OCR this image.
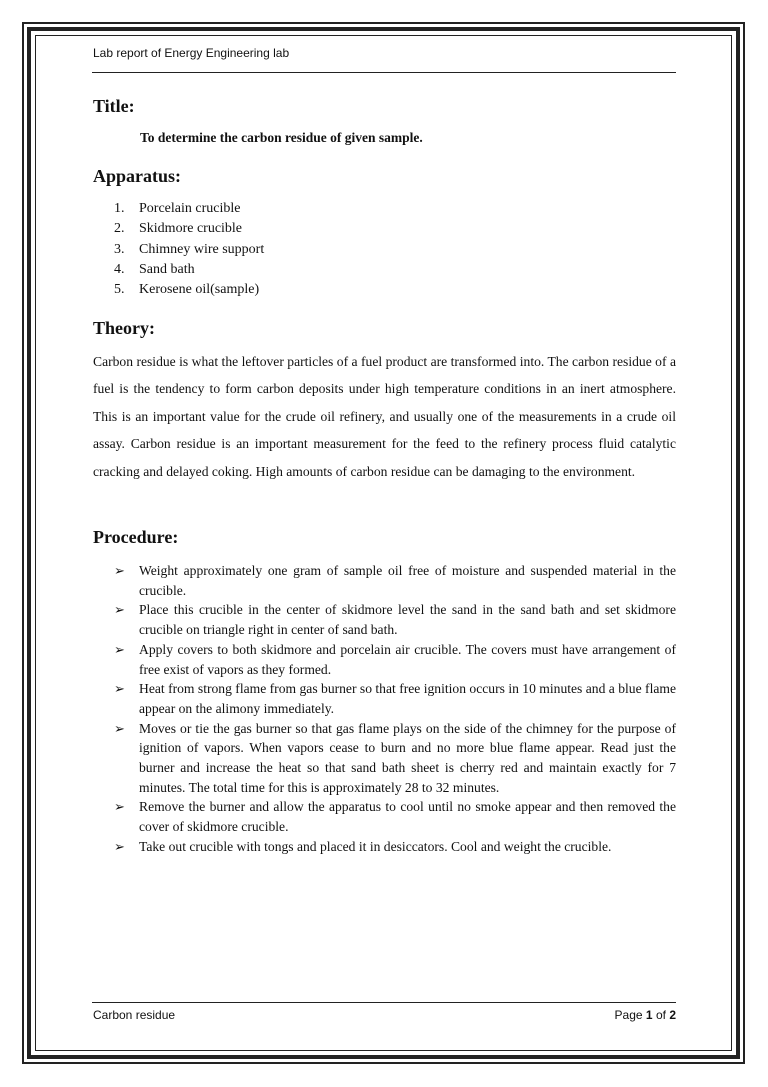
Lab report of Energy Engineering lab
Title:
To determine the carbon residue of given sample.
Apparatus:
1. Porcelain crucible
2. Skidmore crucible
3. Chimney wire support
4. Sand bath
5. Kerosene oil(sample)
Theory:

Carbon residue is what the leftover particles of a fuel product are transformed into. The carbon residue of a fuel is the tendency to form carbon deposits under high temperature conditions in an inert atmosphere. This is an important value for the crude oil refinery, and usually one of the measurements in a crude oil assay. Carbon residue is an important measurement for the feed to the refinery process fluid catalytic cracking and delayed coking. High amounts of carbon residue can be damaging to the environment.

Procedure:
➢ Weight approximately one gram of sample oil free of moisture and suspended material in the crucible.
➢ Place this crucible in the center of skidmore level the sand in the sand bath and set skidmore crucible on triangle right in center of sand bath.
➢ Apply covers to both skidmore and porcelain air crucible. The covers must have arrangement of free exist of vapors as they formed.
➢ Heat from strong flame from gas burner so that free ignition occurs in 10 minutes and a blue flame appear on the alimony immediately.
➢ Moves or tie the gas burner so that gas flame plays on the side of the chimney for the purpose of ignition of vapors. When vapors cease to burn and no more blue flame appear. Read just the burner and increase the heat so that sand bath sheet is cherry red and maintain exactly for 7 minutes. The total time for this is approximately 28 to 32 minutes.
➢ Remove the burner and allow the apparatus to cool until no smoke appear and then removed the cover of skidmore crucible.
➢ Take out crucible with tongs and placed it in desiccators. Cool and weight the crucible.
Carbon residue	Page 1 of 2
